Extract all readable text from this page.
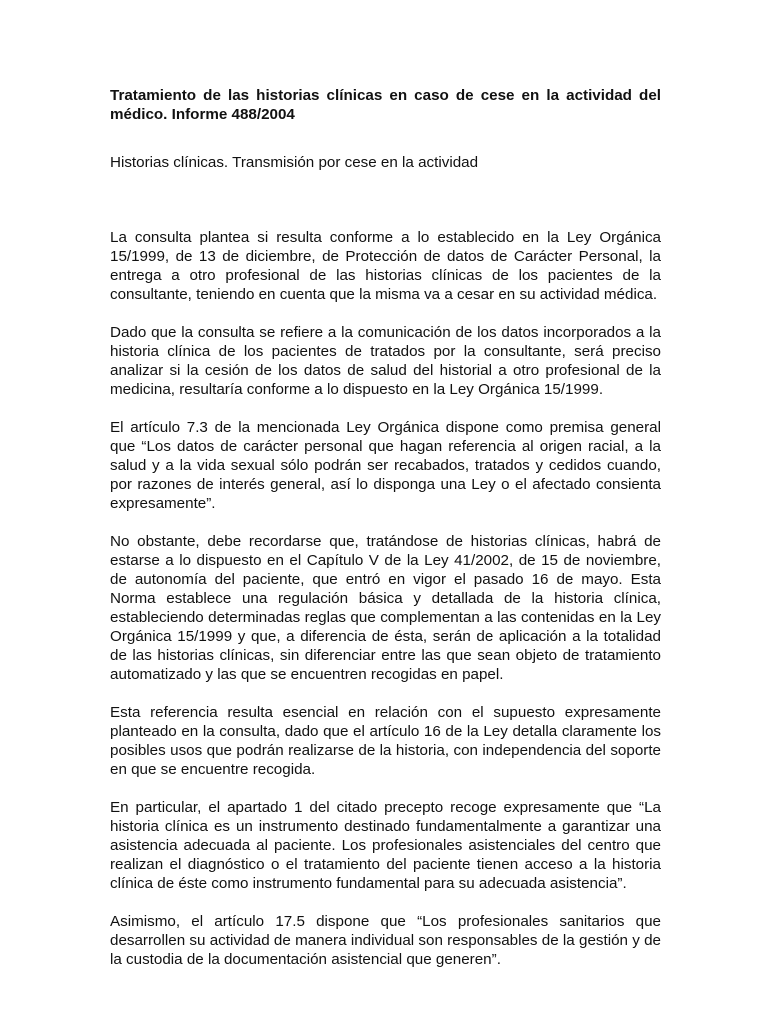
Tratamiento de las historias clínicas en caso de cese en la actividad del médico. Informe 488/2004

Historias clínicas. Transmisión por cese en la actividad

La consulta plantea si resulta conforme a lo establecido en la Ley Orgánica 15/1999, de 13 de diciembre, de Protección de datos de Carácter Personal, la entrega a otro profesional de las historias clínicas de los pacientes de la consultante, teniendo en cuenta que la misma va a cesar en su actividad médica.

Dado que la consulta se refiere a la comunicación de los datos incorporados a la historia clínica de los pacientes de tratados por la consultante, será preciso analizar si la cesión de los datos de salud del historial a otro profesional de la medicina, resultaría conforme a lo dispuesto en la Ley Orgánica 15/1999.

El artículo 7.3 de la mencionada Ley Orgánica dispone como premisa general que “Los datos de carácter personal que hagan referencia al origen racial, a la salud y a la vida sexual sólo podrán ser recabados, tratados y cedidos cuando, por razones de interés general, así lo disponga una Ley o el afectado consienta expresamente”.

No obstante, debe recordarse que, tratándose de historias clínicas, habrá de estarse a lo dispuesto en el Capítulo V de la Ley 41/2002, de 15 de noviembre, de autonomía del paciente, que entró en vigor el pasado 16 de mayo. Esta Norma establece una regulación básica y detallada de la historia clínica, estableciendo determinadas reglas que complementan a las contenidas en la Ley Orgánica 15/1999 y que, a diferencia de ésta, serán de aplicación a la totalidad de las historias clínicas, sin diferenciar entre las que sean objeto de tratamiento automatizado y las que se encuentren recogidas en papel.

Esta referencia resulta esencial en relación con el supuesto expresamente planteado en la consulta, dado que el artículo 16 de la Ley detalla claramente los posibles usos que podrán realizarse de la historia, con independencia del soporte en que se encuentre recogida.

En particular, el apartado 1 del citado precepto recoge expresamente que “La historia clínica es un instrumento destinado fundamentalmente a garantizar una asistencia adecuada al paciente. Los profesionales asistenciales del centro que realizan el diagnóstico o el tratamiento del paciente tienen acceso a la historia clínica de éste como instrumento fundamental para su adecuada asistencia”.

Asimismo, el artículo 17.5 dispone que “Los profesionales sanitarios que desarrollen su actividad de manera individual son responsables de la gestión y de la custodia de la documentación asistencial que generen”.
